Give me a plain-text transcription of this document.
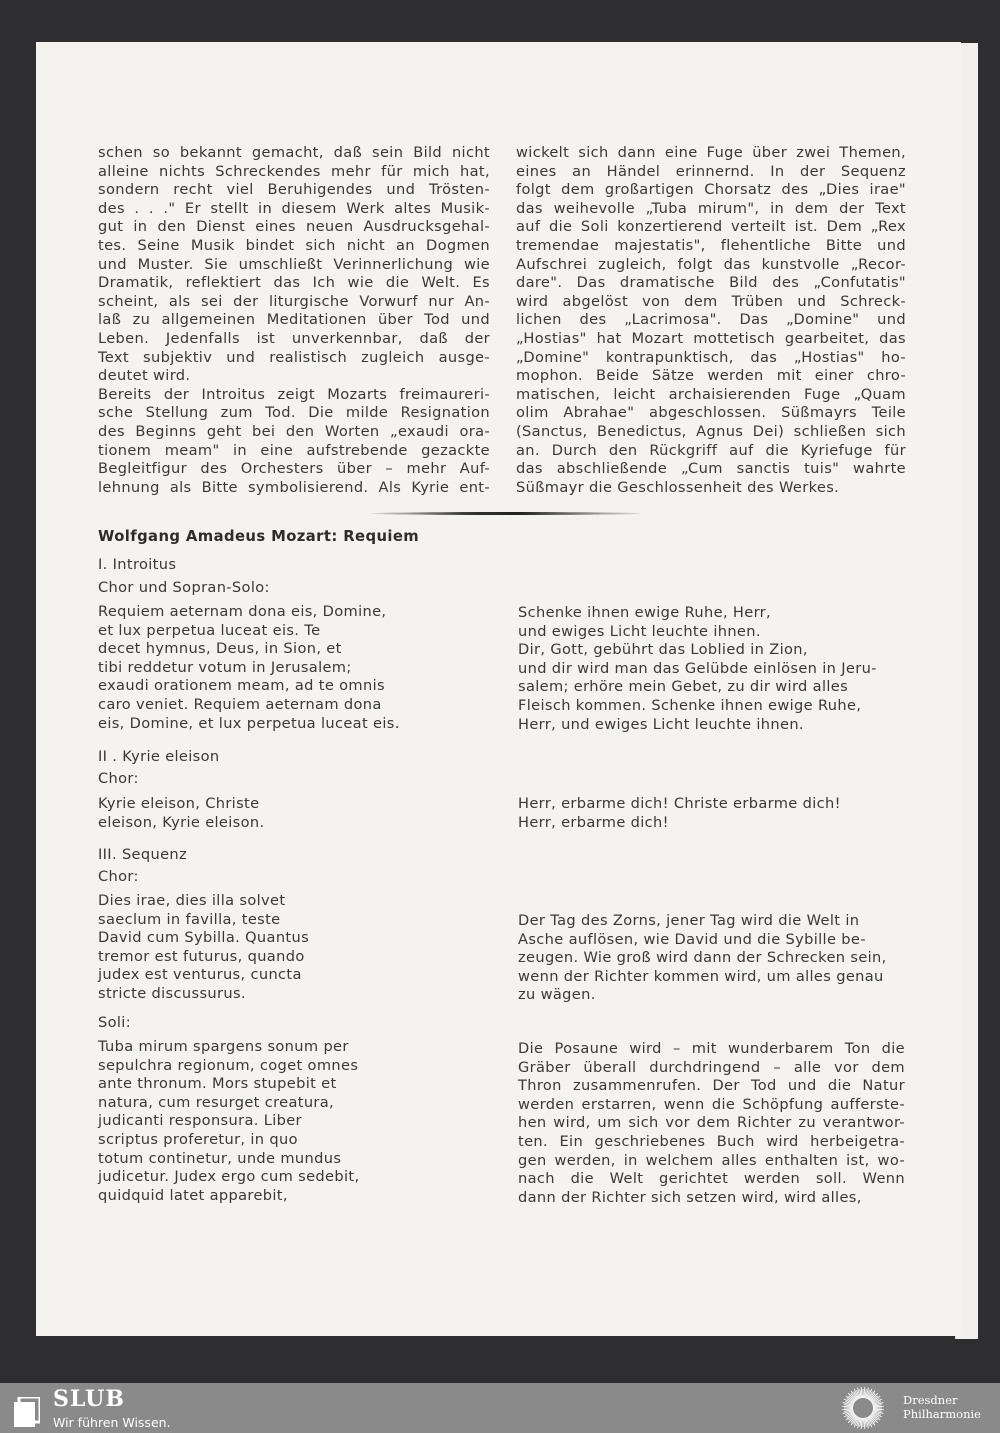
schen so bekannt gemacht, daß sein Bild nicht

alleine nichts Schreckendes mehr für mich hat,

sondern recht viel Beruhigendes und Trösten-

des . . ." Er stellt in diesem Werk altes Musik-

gut in den Dienst eines neuen Ausdrucksgehal-

tes. Seine Musik bindet sich nicht an Dogmen

und Muster. Sie umschließt Verinnerlichung wie

Dramatik, reflektiert das Ich wie die Welt. Es

scheint, als sei der liturgische Vorwurf nur An-

laß zu allgemeinen Meditationen über Tod und

Leben. Jedenfalls ist unverkennbar, daß der

Text subjektiv und realistisch zugleich ausge-

deutet wird.

Bereits der Introitus zeigt Mozarts freimaureri-

sche Stellung zum Tod. Die milde Resignation

des Beginns geht bei den Worten „exaudi ora-

tionem meam" in eine aufstrebende gezackte

Begleitfigur des Orchesters über – mehr Auf-

lehnung als Bitte symbolisierend. Als Kyrie ent-

wickelt sich dann eine Fuge über zwei Themen,

eines an Händel erinnernd. In der Sequenz

folgt dem großartigen Chorsatz des „Dies irae"

das weihevolle „Tuba mirum", in dem der Text

auf die Soli konzertierend verteilt ist. Dem „Rex

tremendae majestatis", flehentliche Bitte und

Aufschrei zugleich, folgt das kunstvolle „Recor-

dare". Das dramatische Bild des „Confutatis"

wird abgelöst von dem Trüben und Schreck-

lichen des „Lacrimosa". Das „Domine" und

„Hostias" hat Mozart mottetisch gearbeitet, das

„Domine" kontrapunktisch, das „Hostias" ho-

mophon. Beide Sätze werden mit einer chro-

matischen, leicht archaisierenden Fuge „Quam

olim Abrahae" abgeschlossen. Süßmayrs Teile

(Sanctus, Benedictus, Agnus Dei) schließen sich

an. Durch den Rückgriff auf die Kyriefuge für

das abschließende „Cum sanctis tuis" wahrte

Süßmayr die Geschlossenheit des Werkes.

Wolfgang Amadeus Mozart: Requiem
I. Introitus
Chor und Sopran-Solo:

Requiem aeternam dona eis, Domine,

et lux perpetua luceat eis. Te

decet hymnus, Deus, in Sion, et

tibi reddetur votum in Jerusalem;

exaudi orationem meam, ad te omnis

caro veniet. Requiem aeternam dona

eis, Domine, et lux perpetua luceat eis.

Schenke ihnen ewige Ruhe, Herr,

und ewiges Licht leuchte ihnen.

Dir, Gott, gebührt das Loblied in Zion,

und dir wird man das Gelübde einlösen in Jeru-

salem; erhöre mein Gebet, zu dir wird alles

Fleisch kommen. Schenke ihnen ewige Ruhe,

Herr, und ewiges Licht leuchte ihnen.

II . Kyrie eleison
Chor:

Kyrie eleison, Christe

eleison, Kyrie eleison.

Herr, erbarme dich! Christe erbarme dich!

Herr, erbarme dich!

III. Sequenz
Chor:

Dies irae, dies illa solvet

saeclum in favilla, teste

David cum Sybilla. Quantus

tremor est futurus, quando

judex est venturus, cuncta

stricte discussurus.

Der Tag des Zorns, jener Tag wird die Welt in

Asche auflösen, wie David und die Sybille be-

zeugen. Wie groß wird dann der Schrecken sein,

wenn der Richter kommen wird, um alles genau

zu wägen.

Soli:

Tuba mirum spargens sonum per

sepulchra regionum, coget omnes

ante thronum. Mors stupebit et

natura, cum resurget creatura,

judicanti responsura. Liber

scriptus proferetur, in quo

totum continetur, unde mundus

judicetur. Judex ergo cum sedebit,

quidquid latet apparebit,

Die Posaune wird – mit wunderbarem Ton die

Gräber überall durchdringend – alle vor dem

Thron zusammenrufen. Der Tod und die Natur

werden erstarren, wenn die Schöpfung aufferste-

hen wird, um sich vor dem Richter zu verantwor-

ten. Ein geschriebenes Buch wird herbeigetra-

gen werden, in welchem alles enthalten ist, wo-

nach die Welt gerichtet werden soll. Wenn

dann der Richter sich setzen wird, wird alles,

SLUB
Wir führen Wissen.
Dresdner
Philharmonie
